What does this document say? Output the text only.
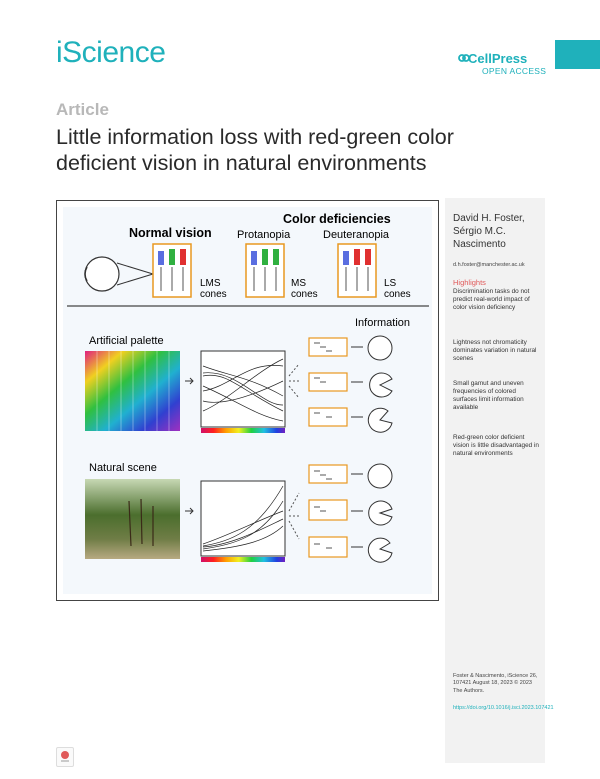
iScience	CellPress
OPEN ACCESS
Article
Little information loss with red-green color deficient vision in natural environments
David H. Foster, Sérgio M.C. Nascimento
d.h.foster@manchester.ac.uk
Highlights
Discrimination tasks do not predict real-world impact of color vision deficiency
Lightness not chromaticity dominates variation in natural scenes
Small gamut and uneven frequencies of colored surfaces limit information available
Red-green color deficient vision is little disadvantaged in natural environments
Foster & Nascimento, iScience 26, 107421 August 18, 2023 © 2023 The Authors.
https://doi.org/10.1016/j.isci.2023.107421
Color deficiencies
Normal vision Protanopia	Deuteranopia
LMS
cones
MS
cones
LS
cones
Information
Artificial palette
Natural scene
